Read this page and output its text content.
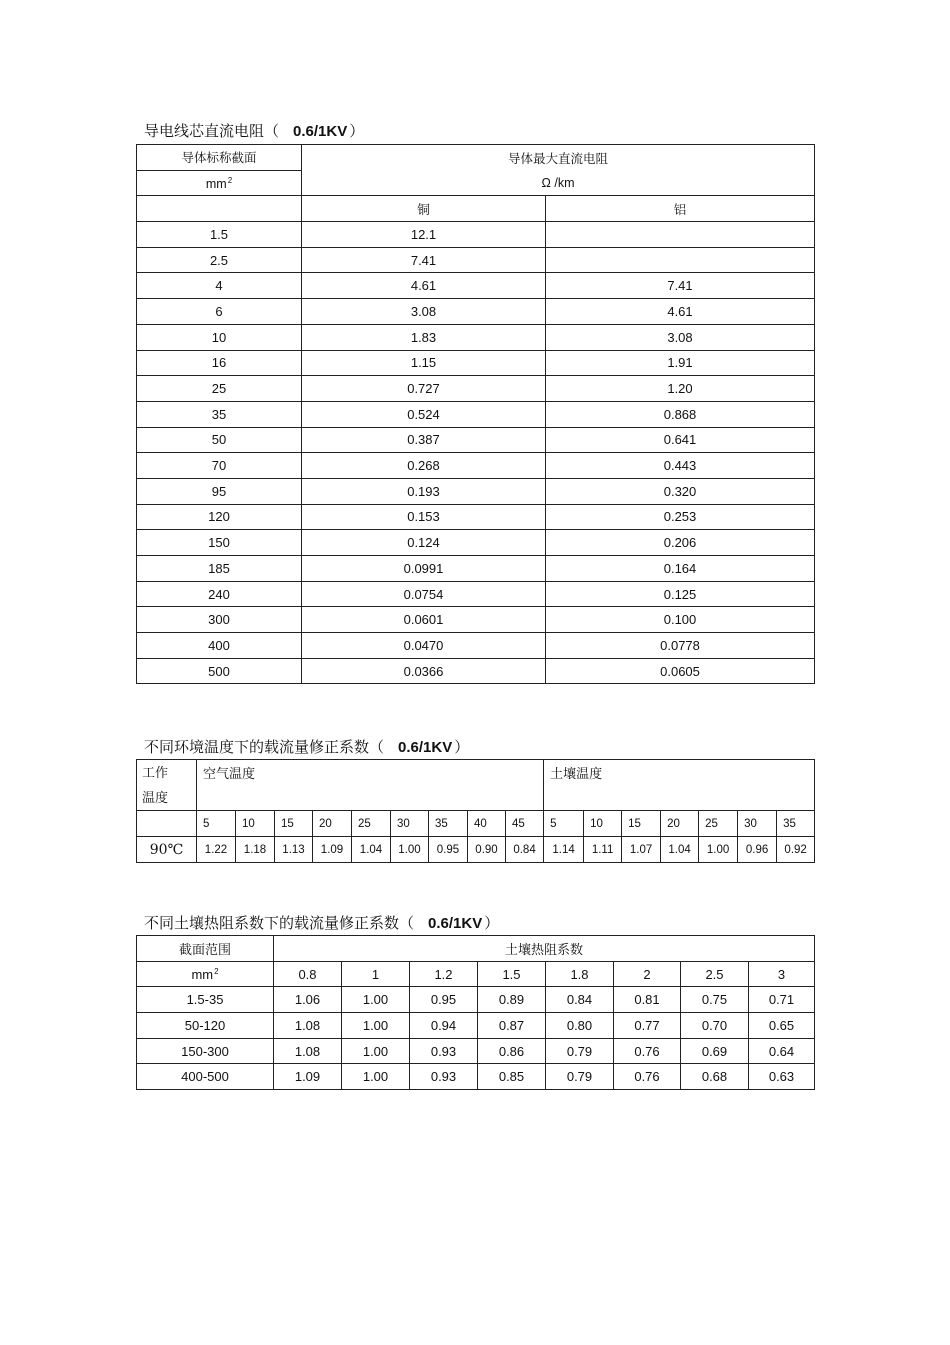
导电线芯直流电阻（ 0.6/1KV ）
导体标称截面	导体最大直流电阻	
$mm^2$	Ω /km	
	铜	铝
1.5	12.1	
2.5	7.41	
4	4.61	7.41
6	3.08	4.61
10	1.83	3.08
16	1.15	1.91
25	0.727	1.20
35	0.524	0.868
50	0.387	0.641
70	0.268	0.443
95	0.193	0.320
120	0.153	0.253
150	0.124	0.206
185	0.0991	0.164
240	0.0754	0.125
300	0.0601	0.100
400	0.0470	0.0778
500	0.0366	0.0605
不同环境温度下的载流量修正系数（ 0.6/1KV ）
工作
温度	空气温度									土壤温度						
	5	10	15	20	25	30	35	40	45	5	10	15	20	25	30	35
90℃	1.22	1.18	1.13	1.09	1.04	1.00	0.95	0.90	0.84	1.14	1.11	1.07	1.04	1.00	0.96	0.92
不同土壤热阻系数下的载流量修正系数（ 0.6/1KV ）
截面范围	土壤热阻系数							
$mm^2$	0.8	1	1.2	1.5	1.8	2	2.5	3
1.5-35	1.06	1.00	0.95	0.89	0.84	0.81	0.75	0.71
50-120	1.08	1.00	0.94	0.87	0.80	0.77	0.70	0.65
150-300	1.08	1.00	0.93	0.86	0.79	0.76	0.69	0.64
400-500	1.09	1.00	0.93	0.85	0.79	0.76	0.68	0.63
